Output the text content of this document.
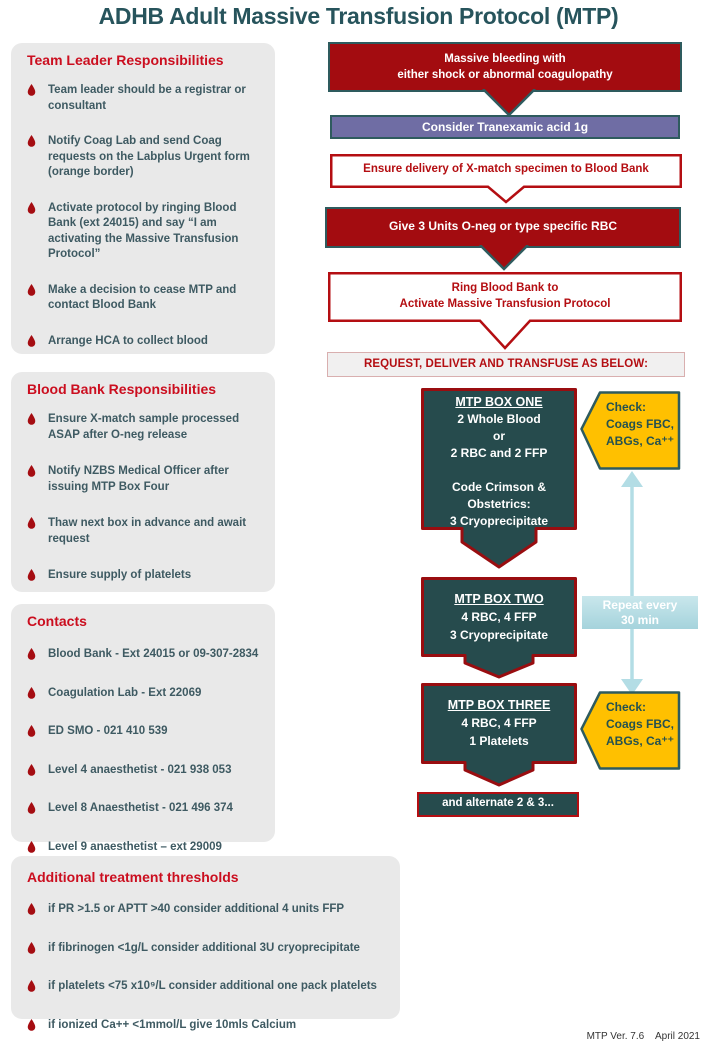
ADHB Adult Massive Transfusion Protocol (MTP)
Team Leader Responsibilities
Team leader should be a registrar or consultant
Notify Coag Lab and send Coag requests on the Labplus Urgent form (orange border)
Activate protocol by ringing Blood Bank (ext 24015) and say “I am activating the Massive Transfusion Protocol”
Make a decision to cease MTP and contact Blood Bank
Arrange HCA to collect blood
Blood Bank Responsibilities
Ensure X-match sample processed ASAP after O-neg release
Notify NZBS Medical Officer after issuing MTP Box Four
Thaw next box in advance and await request
Ensure supply of platelets
Contacts
Blood Bank - Ext 24015 or 09-307-2834
Coagulation Lab - Ext 22069
ED SMO - 021 410 539
Level 4 anaesthetist - 021 938 053
Level 8 Anaesthetist - 021 496 374
Level 9 anaesthetist – ext 29009
Additional treatment thresholds
if PR >1.5 or APTT >40 consider additional 4 units FFP
if fibrinogen <1g/L consider additional 3U cryoprecipitate
if platelets <75 x10⁹/L consider additional one pack platelets
if ionized Ca++ <1mmol/L give 10mls Calcium
Massive bleeding with
either shock or abnormal coagulopathy
Consider Tranexamic acid 1g
Ensure delivery of X-match specimen to Blood Bank
Give 3 Units O-neg or type specific RBC
Ring Blood Bank to
Activate Massive Transfusion Protocol
REQUEST, DELIVER AND TRANSFUSE AS BELOW:
MTP BOX ONE
2 Whole Blood
or
2 RBC and 2 FFP
Code Crimson &
Obstetrics:
3 Cryoprecipitate
Check:
Coags FBC,
ABGs, Ca⁺⁺
MTP BOX TWO
4 RBC, 4 FFP
3 Cryoprecipitate
Repeat every
30 min
MTP BOX THREE
4 RBC, 4 FFP
1 Platelets
Check:
Coags FBC,
ABGs, Ca⁺⁺
and alternate 2 & 3...
MTP Ver. 7.6 April 2021
